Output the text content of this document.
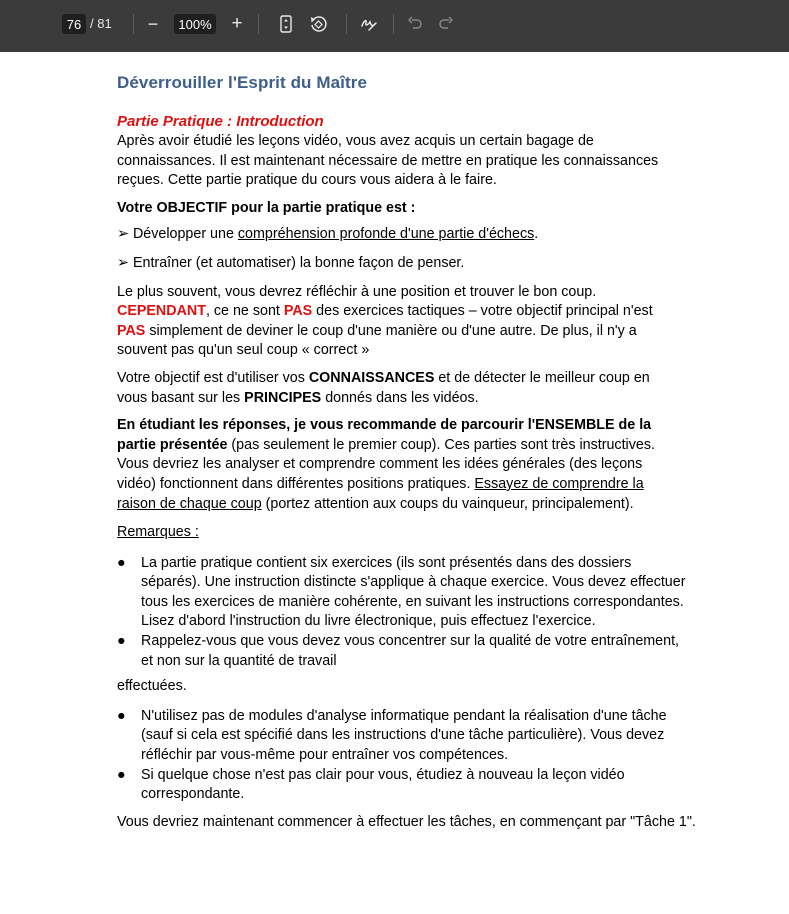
76
/ 81 −
100%	+
Déverrouiller l'Esprit du Maître
Partie Pratique : Introduction

Après avoir étudié les leçons vidéo, vous avez acquis un certain bagage de connaissances. Il est maintenant nécessaire de mettre en pratique les connaissances reçues. Cette partie pratique du cours vous aidera à le faire.

Votre OBJECTIF pour la partie pratique est :

➢ Développer une compréhension profonde d'une partie d'échecs.

➢ Entraîner (et automatiser) la bonne façon de penser.

Le plus souvent, vous devrez réfléchir à une position et trouver le bon coup. CEPENDANT, ce ne sont PAS des exercices tactiques – votre objectif principal n'est PAS simplement de deviner le coup d'une manière ou d'une autre. De plus, il n'y a souvent pas qu'un seul coup « correct »

Votre objectif est d'utiliser vos CONNAISSANCES et de détecter le meilleur coup en vous basant sur les PRINCIPES donnés dans les vidéos.

En étudiant les réponses, je vous recommande de parcourir l'ENSEMBLE de la partie présentée (pas seulement le premier coup). Ces parties sont très instructives. Vous devriez les analyser et comprendre comment les idées générales (des leçons vidéo) fonctionnent dans différentes positions pratiques. Essayez de comprendre la raison de chaque coup (portez attention aux coups du vainqueur, principalement).

Remarques :

● La partie pratique contient six exercices (ils sont présentés dans des dossiers séparés). Une instruction distincte s'applique à chaque exercice. Vous devez effectuer tous les exercices de manière cohérente, en suivant les instructions correspondantes. Lisez d'abord l'instruction du livre électronique, puis effectuez l'exercice.
● Rappelez-vous que vous devez vous concentrer sur la qualité de votre entraînement, et non sur la quantité de travail

effectuées.

● N'utilisez pas de modules d'analyse informatique pendant la réalisation d'une tâche (sauf si cela est spécifié dans les instructions d'une tâche particulière). Vous devez réfléchir par vous-même pour entraîner vos compétences.
● Si quelque chose n'est pas clair pour vous, étudiez à nouveau la leçon vidéo correspondante.

Vous devriez maintenant commencer à effectuer les tâches, en commençant par "Tâche 1".
